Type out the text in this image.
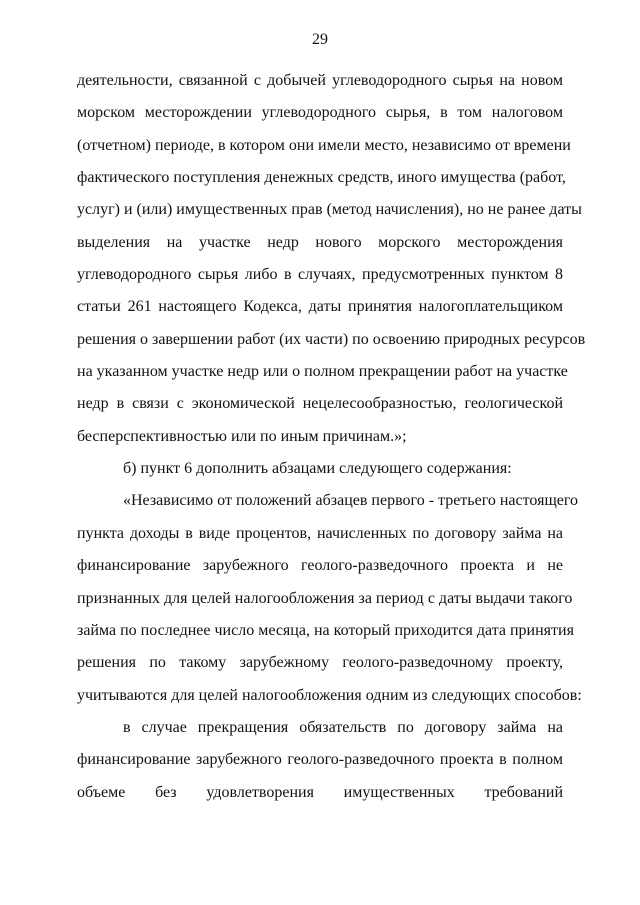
29
деятельности, связанной с добычей углеводородного сырья на новом
морском месторождении углеводородного сырья, в том налоговом
(отчетном) периоде, в котором они имели место, независимо от времени
фактического поступления денежных средств, иного имущества (работ,
услуг) и (или) имущественных прав (метод начисления), но не ранее даты
выделения на участке недр нового морского месторождения
углеводородного сырья либо в случаях, предусмотренных пунктом 8
статьи 261 настоящего Кодекса, даты принятия налогоплательщиком
решения о завершении работ (их части) по освоению природных ресурсов
на указанном участке недр или о полном прекращении работ на участке
недр в связи с экономической нецелесообразностью, геологической
бесперспективностью или по иным причинам.»;
б) пункт 6 дополнить абзацами следующего содержания:
«Независимо от положений абзацев первого - третьего настоящего
пункта доходы в виде процентов, начисленных по договору займа на
финансирование зарубежного геолого-разведочного проекта и не
признанных для целей налогообложения за период с даты выдачи такого
займа по последнее число месяца, на который приходится дата принятия
решения по такому зарубежному геолого-разведочному проекту,
учитываются для целей налогообложения одним из следующих способов:
в случае прекращения обязательств по договору займа на
финансирование зарубежного геолого-разведочного проекта в полном
объеме без удовлетворения имущественных требований
